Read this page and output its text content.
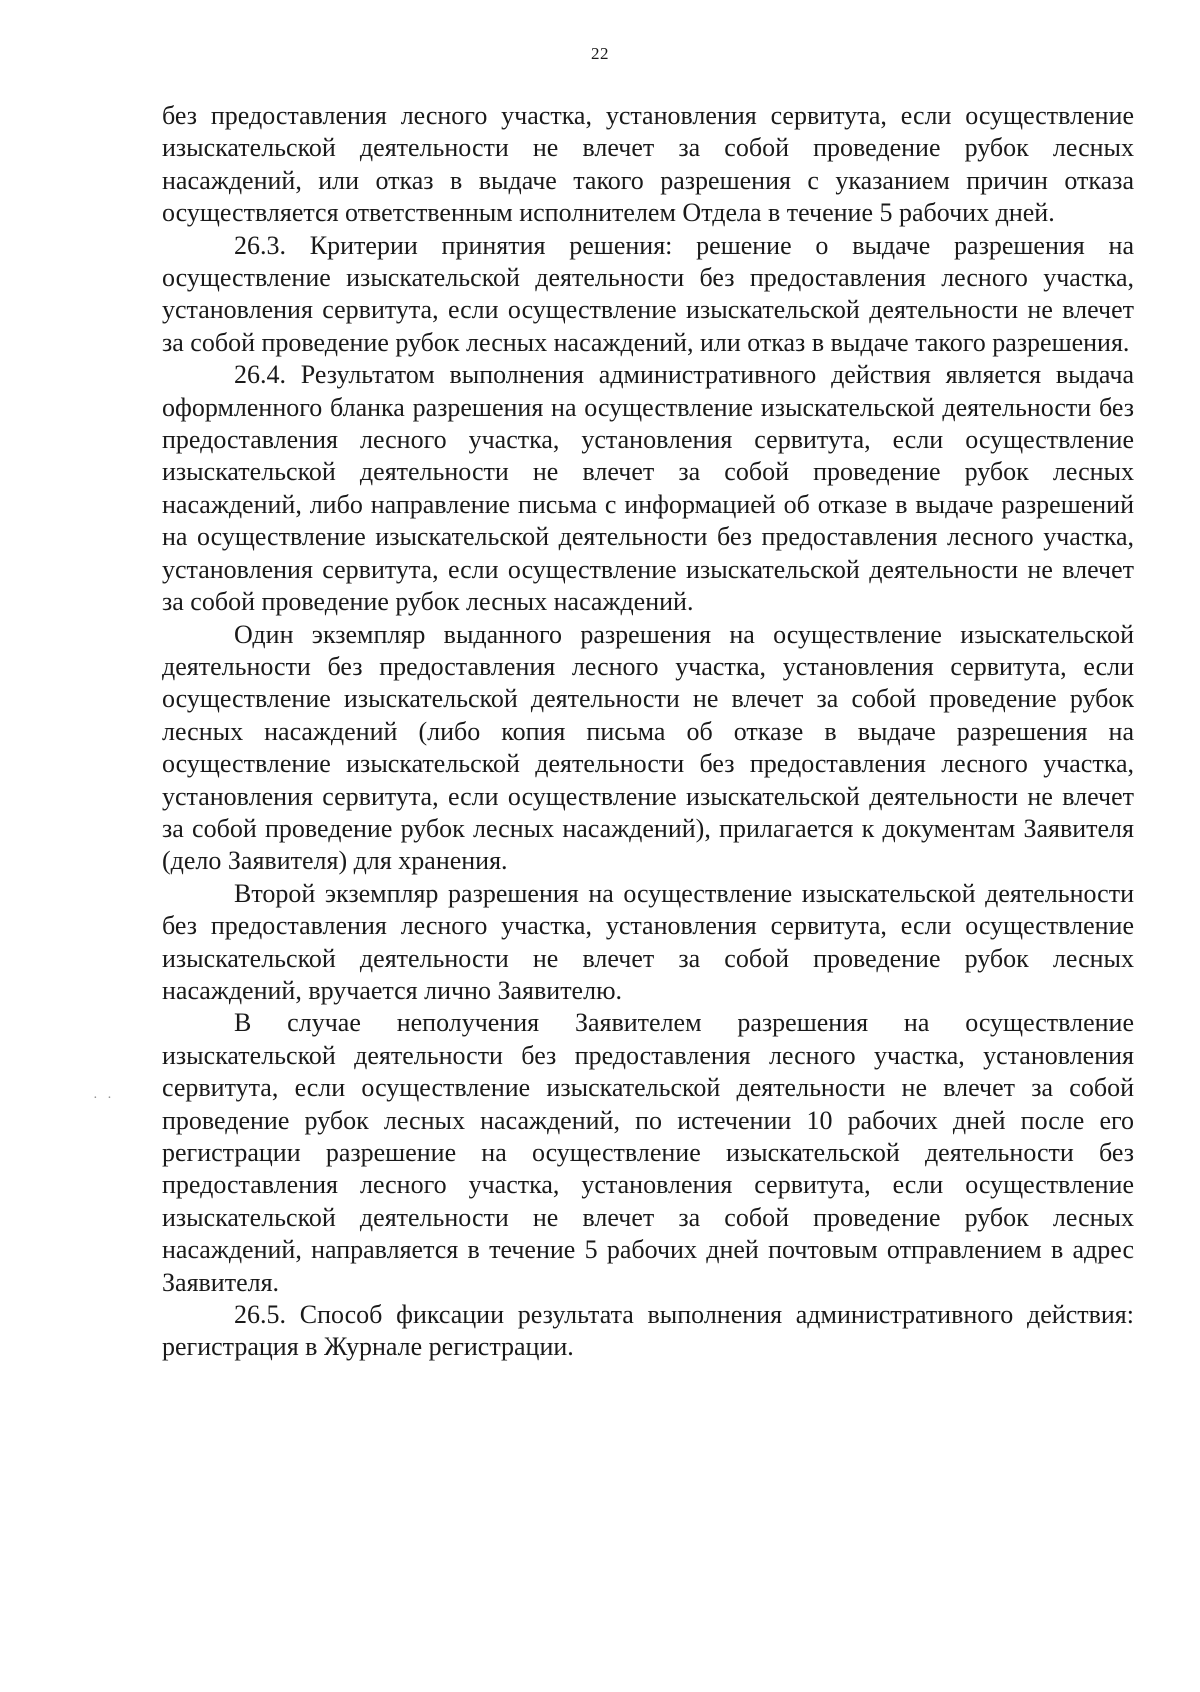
22

без предоставления лесного участка, установления сервитута, если осуществление изыскательской деятельности не влечет за собой проведение рубок лесных насаждений, или отказ в выдаче такого разрешения с указанием причин отказа осуществляется ответственным исполнителем Отдела в течение 5 рабочих дней.

26.3. Критерии принятия решения: решение о выдаче разрешения на осуществление изыскательской деятельности без предоставления лесного участка, установления сервитута, если осуществление изыскательской деятельности не влечет за собой проведение рубок лесных насаждений, или отказ в выдаче такого разрешения.

26.4. Результатом выполнения административного действия является выдача оформленного бланка разрешения на осуществление изыскательской деятельности без предоставления лесного участка, установления сервитута, если осуществление изыскательской деятельности не влечет за собой проведение рубок лесных насаждений, либо направление письма с информацией об отказе в выдаче разрешений на осуществление изыскательской деятельности без предоставления лесного участка, установления сервитута, если осуществление изыскательской деятельности не влечет за собой проведение рубок лесных насаждений.

Один экземпляр выданного разрешения на осуществление изыскательской деятельности без предоставления лесного участка, установления сервитута, если осуществление изыскательской деятельности не влечет за собой проведение рубок лесных насаждений (либо копия письма об отказе в выдаче разрешения на осуществление изыскательской деятельности без предоставления лесного участка, установления сервитута, если осуществление изыскательской деятельности не влечет за собой проведение рубок лесных насаждений), прилагается к документам Заявителя (дело Заявителя) для хранения.

Второй экземпляр разрешения на осуществление изыскательской деятельности без предоставления лесного участка, установления сервитута, если осуществление изыскательской деятельности не влечет за собой проведение рубок лесных насаждений, вручается лично Заявителю.

В случае неполучения Заявителем разрешения на осуществление изыскательской деятельности без предоставления лесного участка, установления сервитута, если осуществление изыскательской деятельности не влечет за собой проведение рубок лесных насаждений, по истечении 10 рабочих дней после его регистрации разрешение на осуществление изыскательской деятельности без предоставления лесного участка, установления сервитута, если осуществление изыскательской деятельности не влечет за собой проведение рубок лесных насаждений, направляется в течение 5 рабочих дней почтовым отправлением в адрес Заявителя.

26.5. Способ фиксации результата выполнения административного действия: регистрация в Журнале регистрации.

· ·
